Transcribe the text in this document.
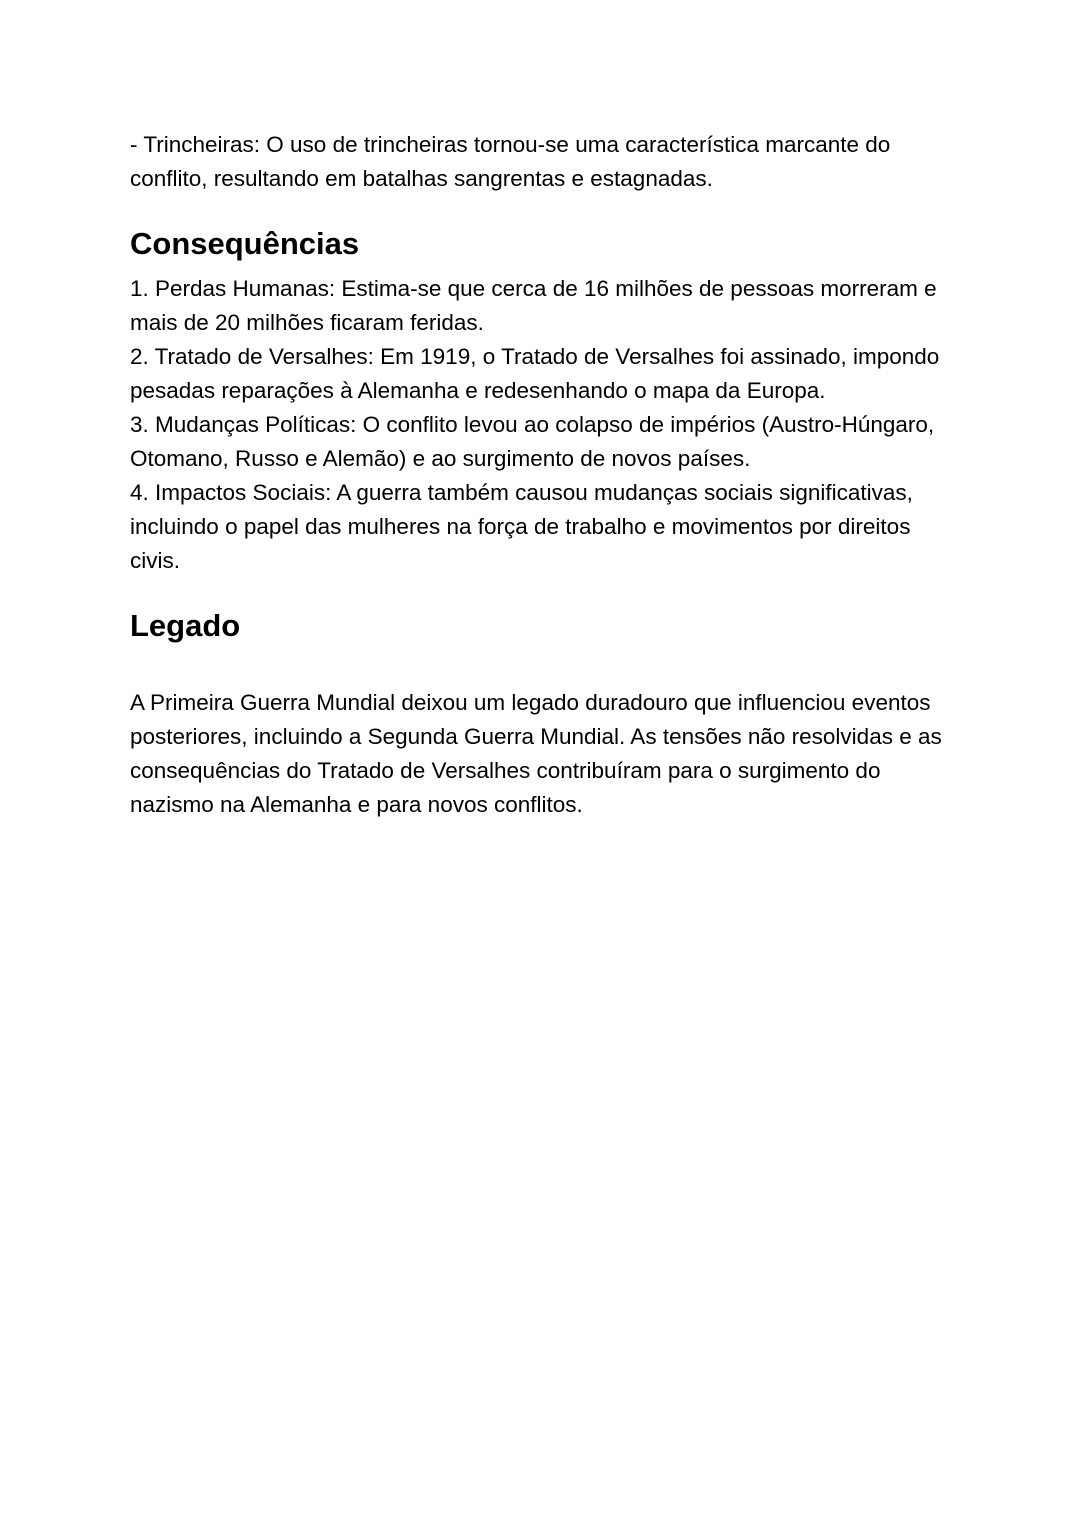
- Trincheiras: O uso de trincheiras tornou-se uma característica marcante do conflito, resultando em batalhas sangrentas e estagnadas.

Consequências

1. Perdas Humanas: Estima-se que cerca de 16 milhões de pessoas morreram e mais de 20 milhões ficaram feridas.

2. Tratado de Versalhes: Em 1919, o Tratado de Versalhes foi assinado, impondo pesadas reparações à Alemanha e redesenhando o mapa da Europa.

3. Mudanças Políticas: O conflito levou ao colapso de impérios (Austro-Húngaro, Otomano, Russo e Alemão) e ao surgimento de novos países.

4. Impactos Sociais: A guerra também causou mudanças sociais significativas, incluindo o papel das mulheres na força de trabalho e movimentos por direitos civis.

Legado

A Primeira Guerra Mundial deixou um legado duradouro que influenciou eventos posteriores, incluindo a Segunda Guerra Mundial. As tensões não resolvidas e as consequências do Tratado de Versalhes contribuíram para o surgimento do nazismo na Alemanha e para novos conflitos.
